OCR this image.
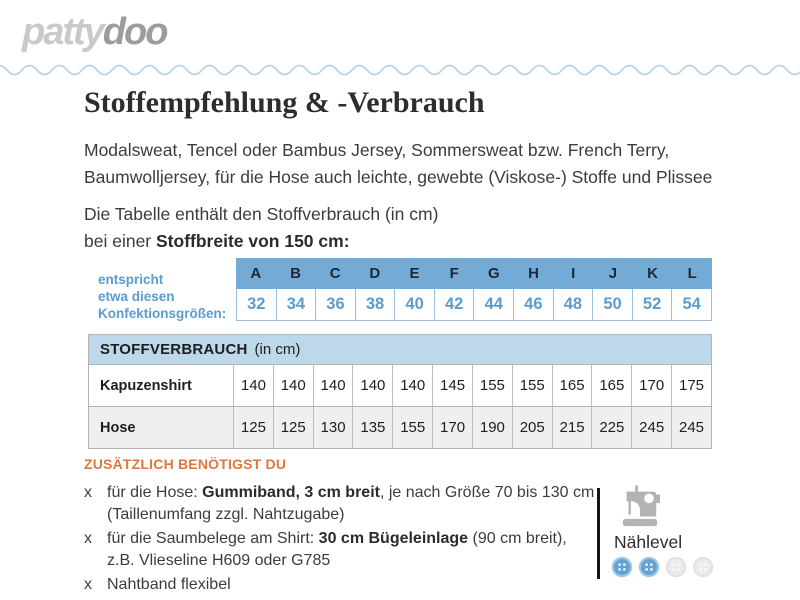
pattydoo
Stoffempfehlung & -Verbrauch

Modalsweat, Tencel oder Bambus Jersey, Sommersweat bzw. French Terry,
Baumwolljersey, für die Hose auch leichte, gewebte (Viskose-) Stoffe und Plissee

Die Tabelle enthält den Stoffverbrauch (in cm)
bei einer Stoffbreite von 150 cm:

entspricht
etwa diesen
Konfektionsgrößen:
A	B	C	D	E	F	G	H	I	J	K	L
32	34	36	38	40	42	44	46	48	50	52	54
STOFFVERBRAUCH (in cm)
Kapuzenshirt	140 140 140 140 140 145 155 155 165 165 170 175
Hose	125 125 130 135 155 170 190 205 215 225 245 245
ZUSÄTZLICH BENÖTIGST DU
x für die Hose: Gummiband, 3 cm breit, je nach Größe 70 bis 130 cm
(Taillenumfang zzgl. Nahtzugabe)
x für die Saumbelege am Shirt: 30 cm Bügeleinlage (90 cm breit),
z.B. Vlieseline H609 oder G785
x Nahtband flexibel
Nählevel
